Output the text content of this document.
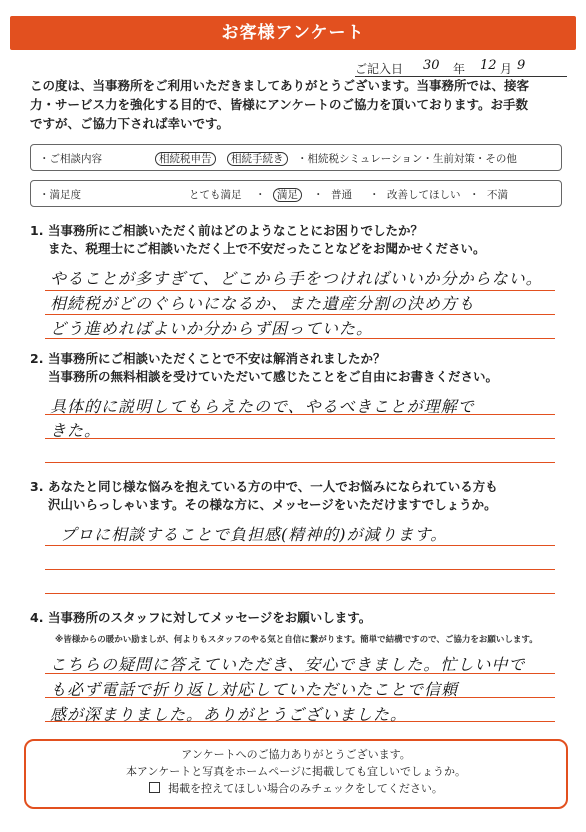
お客様アンケート
ご記入日 30 年 12 月 9
この度は、当事務所をご利用いただきましてありがとうございます。当事務所では、接客
力・サービス力を強化する目的で、皆様にアンケートのご協力を頂いております。お手数
ですが、ご協力下されば幸いです。
・ご相談内容	相続税申告	相続手続き	・相続税シミュレーション・生前対策・その他
・満足度	とても満足 ・ 満足	・ 普通 ・ 改善してほしい ・ 不満
1. 当事務所にご相談いただく前はどのようなことにお困りでしたか？
また、税理士にご相談いただく上で不安だったことなどをお聞かせください。
やることが多すぎて、どこから手をつければいいか分からない。
相続税がどのぐらいになるか、また遺産分割の決め方も
どう進めればよいか分からず困っていた。
2. 当事務所にご相談いただくことで不安は解消されましたか？
当事務所の無料相談を受けていただいて感じたことをご自由にお書きください。
具体的に説明してもらえたので、やるべきことが理解で
きた。
3. あなたと同じ様な悩みを抱えている方の中で、一人でお悩みになられている方も
沢山いらっしゃいます。その様な方に、メッセージをいただけますでしょうか。
プロに相談することで負担感(精神的)が減ります。
4. 当事務所のスタッフに対してメッセージをお願いします。
※皆様からの暖かい励ましが、何よりもスタッフのやる気と自信に繋がります。簡単で結構ですので、ご協力をお願いします。
こちらの疑問に答えていただき、安心できました。忙しい中で
も必ず電話で折り返し対応していただいたことで信頼
感が深まりました。ありがとうございました。
アンケートへのご協力ありがとうございます。
本アンケートと写真をホームページに掲載しても宜しいでしょうか。
掲載を控えてほしい場合のみチェックをしてください。
